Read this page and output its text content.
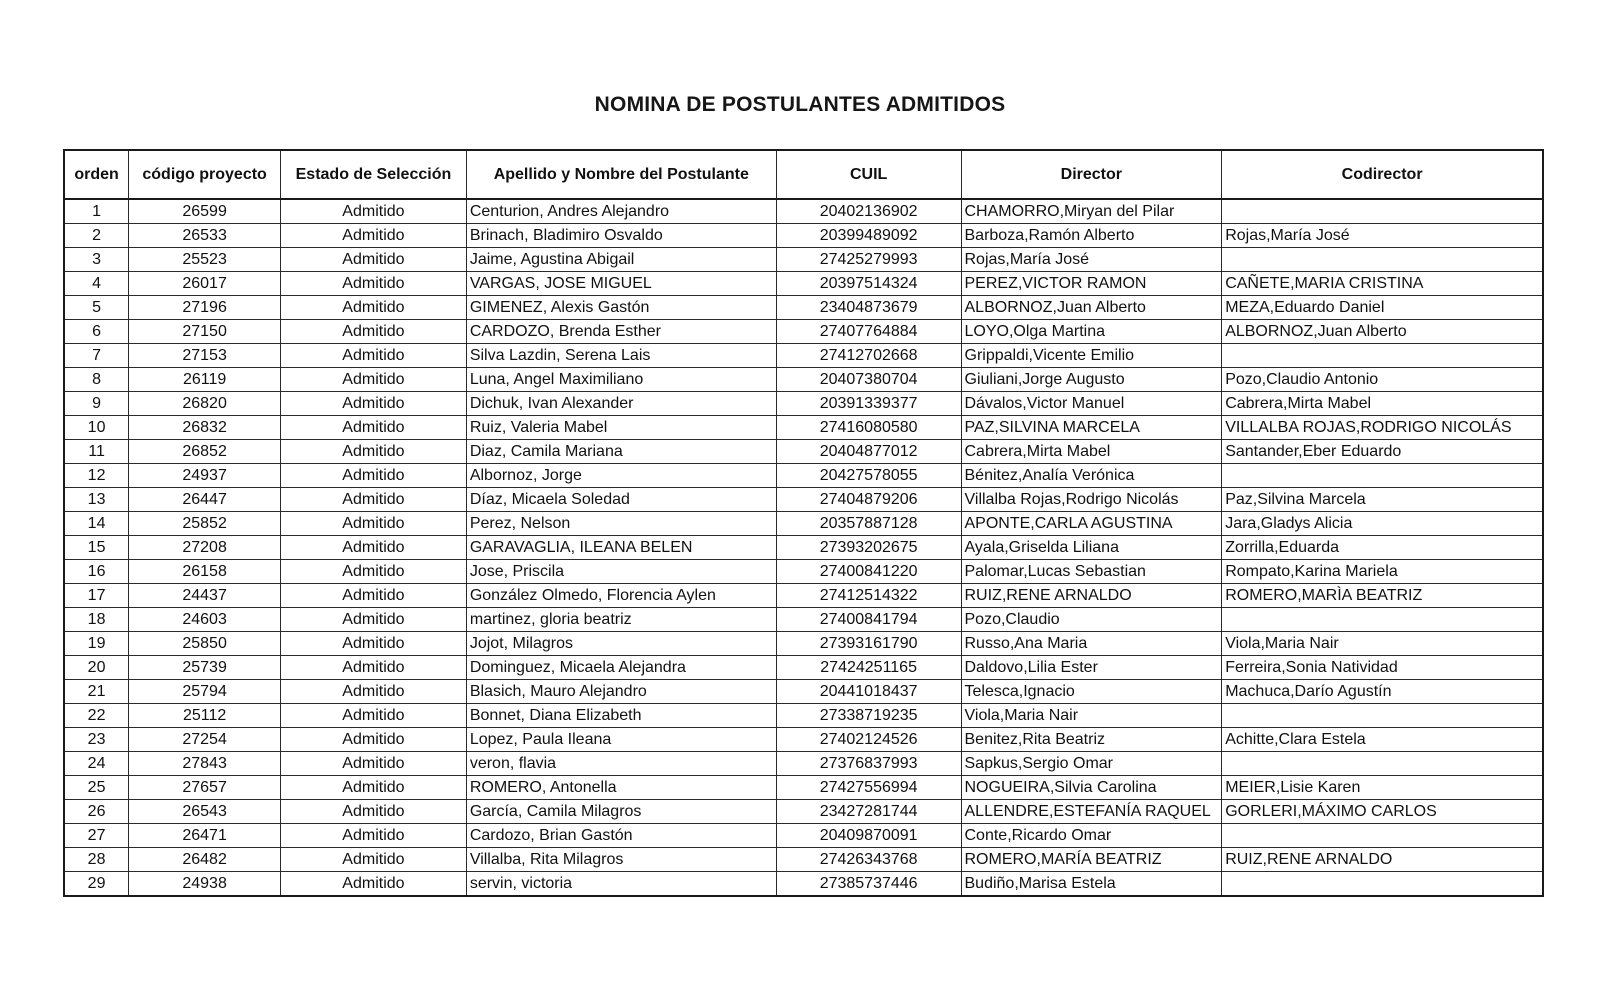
NOMINA DE POSTULANTES ADMITIDOS
orden	código proyecto	Estado de Selección	Apellido y Nombre del Postulante	CUIL	Director	Codirector
1	26599	Admitido	Centurion, Andres Alejandro	20402136902	CHAMORRO,Miryan del Pilar	
2	26533	Admitido	Brinach, Bladimiro Osvaldo	20399489092	Barboza,Ramón Alberto	Rojas,María José
3	25523	Admitido	Jaime, Agustina Abigail	27425279993	Rojas,María José	
4	26017	Admitido	VARGAS, JOSE MIGUEL	20397514324	PEREZ,VICTOR RAMON	CAÑETE,MARIA CRISTINA
5	27196	Admitido	GIMENEZ, Alexis Gastón	23404873679	ALBORNOZ,Juan Alberto	MEZA,Eduardo Daniel
6	27150	Admitido	CARDOZO, Brenda Esther	27407764884	LOYO,Olga Martina	ALBORNOZ,Juan Alberto
7	27153	Admitido	Silva Lazdin, Serena Lais	27412702668	Grippaldi,Vicente Emilio	
8	26119	Admitido	Luna, Angel Maximiliano	20407380704	Giuliani,Jorge Augusto	Pozo,Claudio Antonio
9	26820	Admitido	Dichuk, Ivan Alexander	20391339377	Dávalos,Victor Manuel	Cabrera,Mirta Mabel
10	26832	Admitido	Ruiz, Valeria Mabel	27416080580	PAZ,SILVINA MARCELA	VILLALBA ROJAS,RODRIGO NICOLÁS
11	26852	Admitido	Diaz, Camila Mariana	20404877012	Cabrera,Mirta Mabel	Santander,Eber Eduardo
12	24937	Admitido	Albornoz, Jorge	20427578055	Bénitez,Analía Verónica	
13	26447	Admitido	Díaz, Micaela Soledad	27404879206	Villalba Rojas,Rodrigo Nicolás	Paz,Silvina Marcela
14	25852	Admitido	Perez, Nelson	20357887128	APONTE,CARLA AGUSTINA	Jara,Gladys Alicia
15	27208	Admitido	GARAVAGLIA, ILEANA BELEN	27393202675	Ayala,Griselda Liliana	Zorrilla,Eduarda
16	26158	Admitido	Jose, Priscila	27400841220	Palomar,Lucas Sebastian	Rompato,Karina Mariela
17	24437	Admitido	González Olmedo, Florencia Aylen	27412514322	RUIZ,RENE ARNALDO	ROMERO,MARÌA BEATRIZ
18	24603	Admitido	martinez, gloria beatriz	27400841794	Pozo,Claudio	
19	25850	Admitido	Jojot, Milagros	27393161790	Russo,Ana Maria	Viola,Maria Nair
20	25739	Admitido	Dominguez, Micaela Alejandra	27424251165	Daldovo,Lilia Ester	Ferreira,Sonia Natividad
21	25794	Admitido	Blasich, Mauro Alejandro	20441018437	Telesca,Ignacio	Machuca,Darío Agustín
22	25112	Admitido	Bonnet, Diana Elizabeth	27338719235	Viola,Maria Nair	
23	27254	Admitido	Lopez, Paula Ileana	27402124526	Benitez,Rita Beatriz	Achitte,Clara Estela
24	27843	Admitido	veron, flavia	27376837993	Sapkus,Sergio Omar	
25	27657	Admitido	ROMERO, Antonella	27427556994	NOGUEIRA,Silvia Carolina	MEIER,Lisie Karen
26	26543	Admitido	García, Camila Milagros	23427281744	ALLENDRE,ESTEFANÍA RAQUEL	GORLERI,MÁXIMO CARLOS
27	26471	Admitido	Cardozo, Brian Gastón	20409870091	Conte,Ricardo Omar	
28	26482	Admitido	Villalba, Rita Milagros	27426343768	ROMERO,MARÍA BEATRIZ	RUIZ,RENE ARNALDO
29	24938	Admitido	servin, victoria	27385737446	Budiño,Marisa Estela	
